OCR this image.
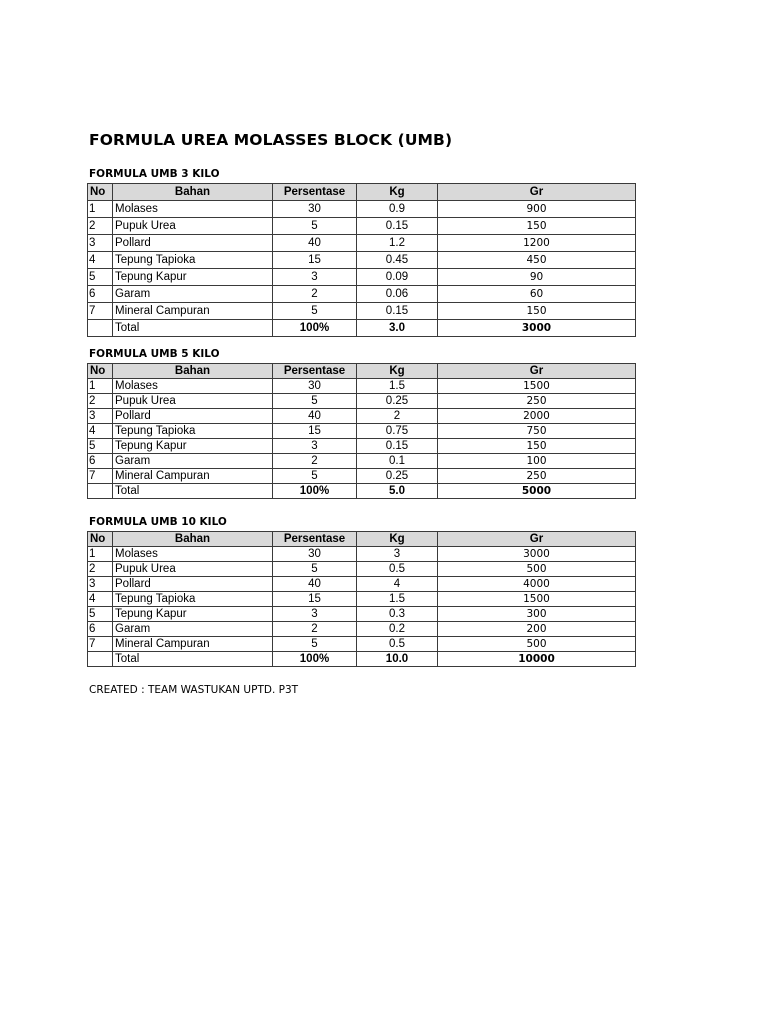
FORMULA UREA MOLASSES BLOCK (UMB)
FORMULA UMB 3 KILO
No	Bahan	Persentase	Kg	Gr
1	Molases	30	0.9	900
2	Pupuk Urea	5	0.15	150
3	Pollard	40	1.2	1200
4	Tepung Tapioka	15	0.45	450
5	Tepung Kapur	3	0.09	90
6	Garam	2	0.06	60
7	Mineral Campuran	5	0.15	150
	Total	100%	3.0	3000
FORMULA UMB 5 KILO
No	Bahan	Persentase	Kg	Gr
1	Molases	30	1.5	1500
2	Pupuk Urea	5	0.25	250
3	Pollard	40	2	2000
4	Tepung Tapioka	15	0.75	750
5	Tepung Kapur	3	0.15	150
6	Garam	2	0.1	100
7	Mineral Campuran	5	0.25	250
	Total	100%	5.0	5000
FORMULA UMB 10 KILO
No	Bahan	Persentase	Kg	Gr
1	Molases	30	3	3000
2	Pupuk Urea	5	0.5	500
3	Pollard	40	4	4000
4	Tepung Tapioka	15	1.5	1500
5	Tepung Kapur	3	0.3	300
6	Garam	2	0.2	200
7	Mineral Campuran	5	0.5	500
	Total	100%	10.0	10000
CREATED : TEAM WASTUKAN UPTD. P3T
